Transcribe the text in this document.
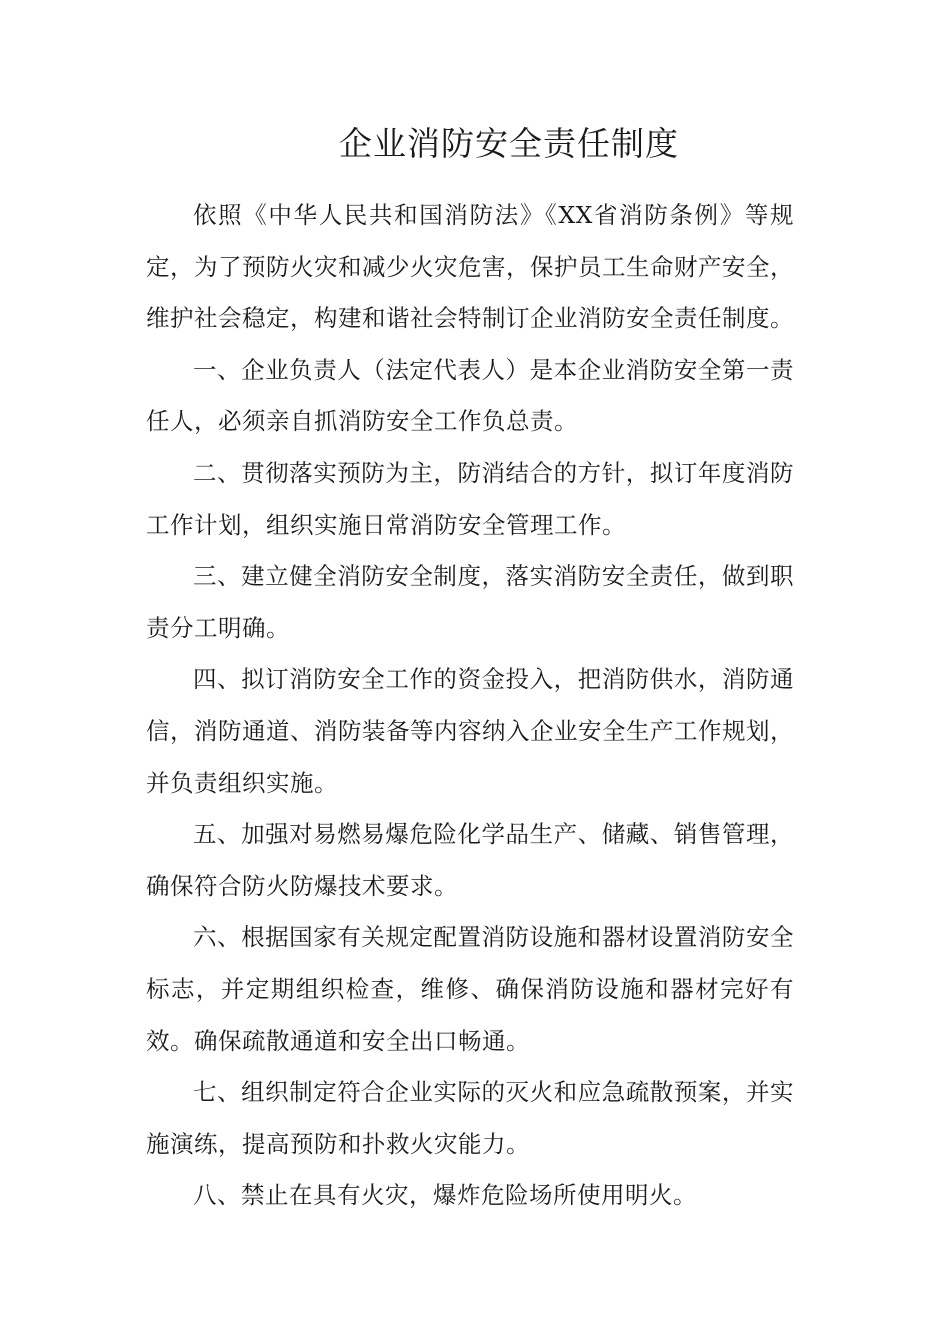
企业消防安全责任制度

依照《中华人民共和国消防法》《XX省消防条例》等规定，为了预防火灾和减少火灾危害，保护员工生命财产安全，维护社会稳定，构建和谐社会特制订企业消防安全责任制度。

一、企业负责人（法定代表人）是本企业消防安全第一责任人，必须亲自抓消防安全工作负总责。

二、贯彻落实预防为主，防消结合的方针，拟订年度消防工作计划，组织实施日常消防安全管理工作。

三、建立健全消防安全制度，落实消防安全责任，做到职责分工明确。

四、拟订消防安全工作的资金投入，把消防供水，消防通信，消防通道、消防装备等内容纳入企业安全生产工作规划，并负责组织实施。

五、加强对易燃易爆危险化学品生产、储藏、销售管理，确保符合防火防爆技术要求。

六、根据国家有关规定配置消防设施和器材设置消防安全标志，并定期组织检查，维修、确保消防设施和器材完好有效。确保疏散通道和安全出口畅通。

七、组织制定符合企业实际的灭火和应急疏散预案，并实施演练，提高预防和扑救火灾能力。

八、禁止在具有火灾，爆炸危险场所使用明火。
